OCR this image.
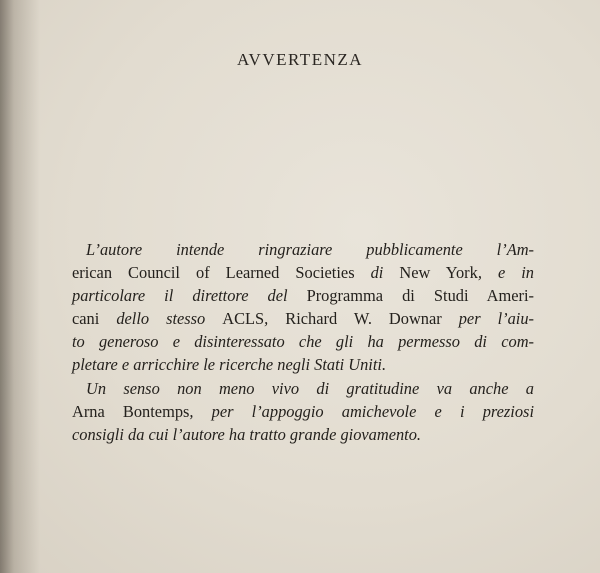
AVVERTENZA
L’autore intende ringraziare pubblicamente l’Am-
erican Council of Learned Societies di New York, e in
particolare il direttore del Programma di Studi Ameri-
cani dello stesso ACLS, Richard W. Downar per l’aiu-
to generoso e disinteressato che gli ha permesso di com-
pletare e arricchire le ricerche negli Stati Uniti.
Un senso non meno vivo di gratitudine va anche a
Arna Bontemps, per l’appoggio amichevole e i preziosi
consigli da cui l’autore ha tratto grande giovamento.
